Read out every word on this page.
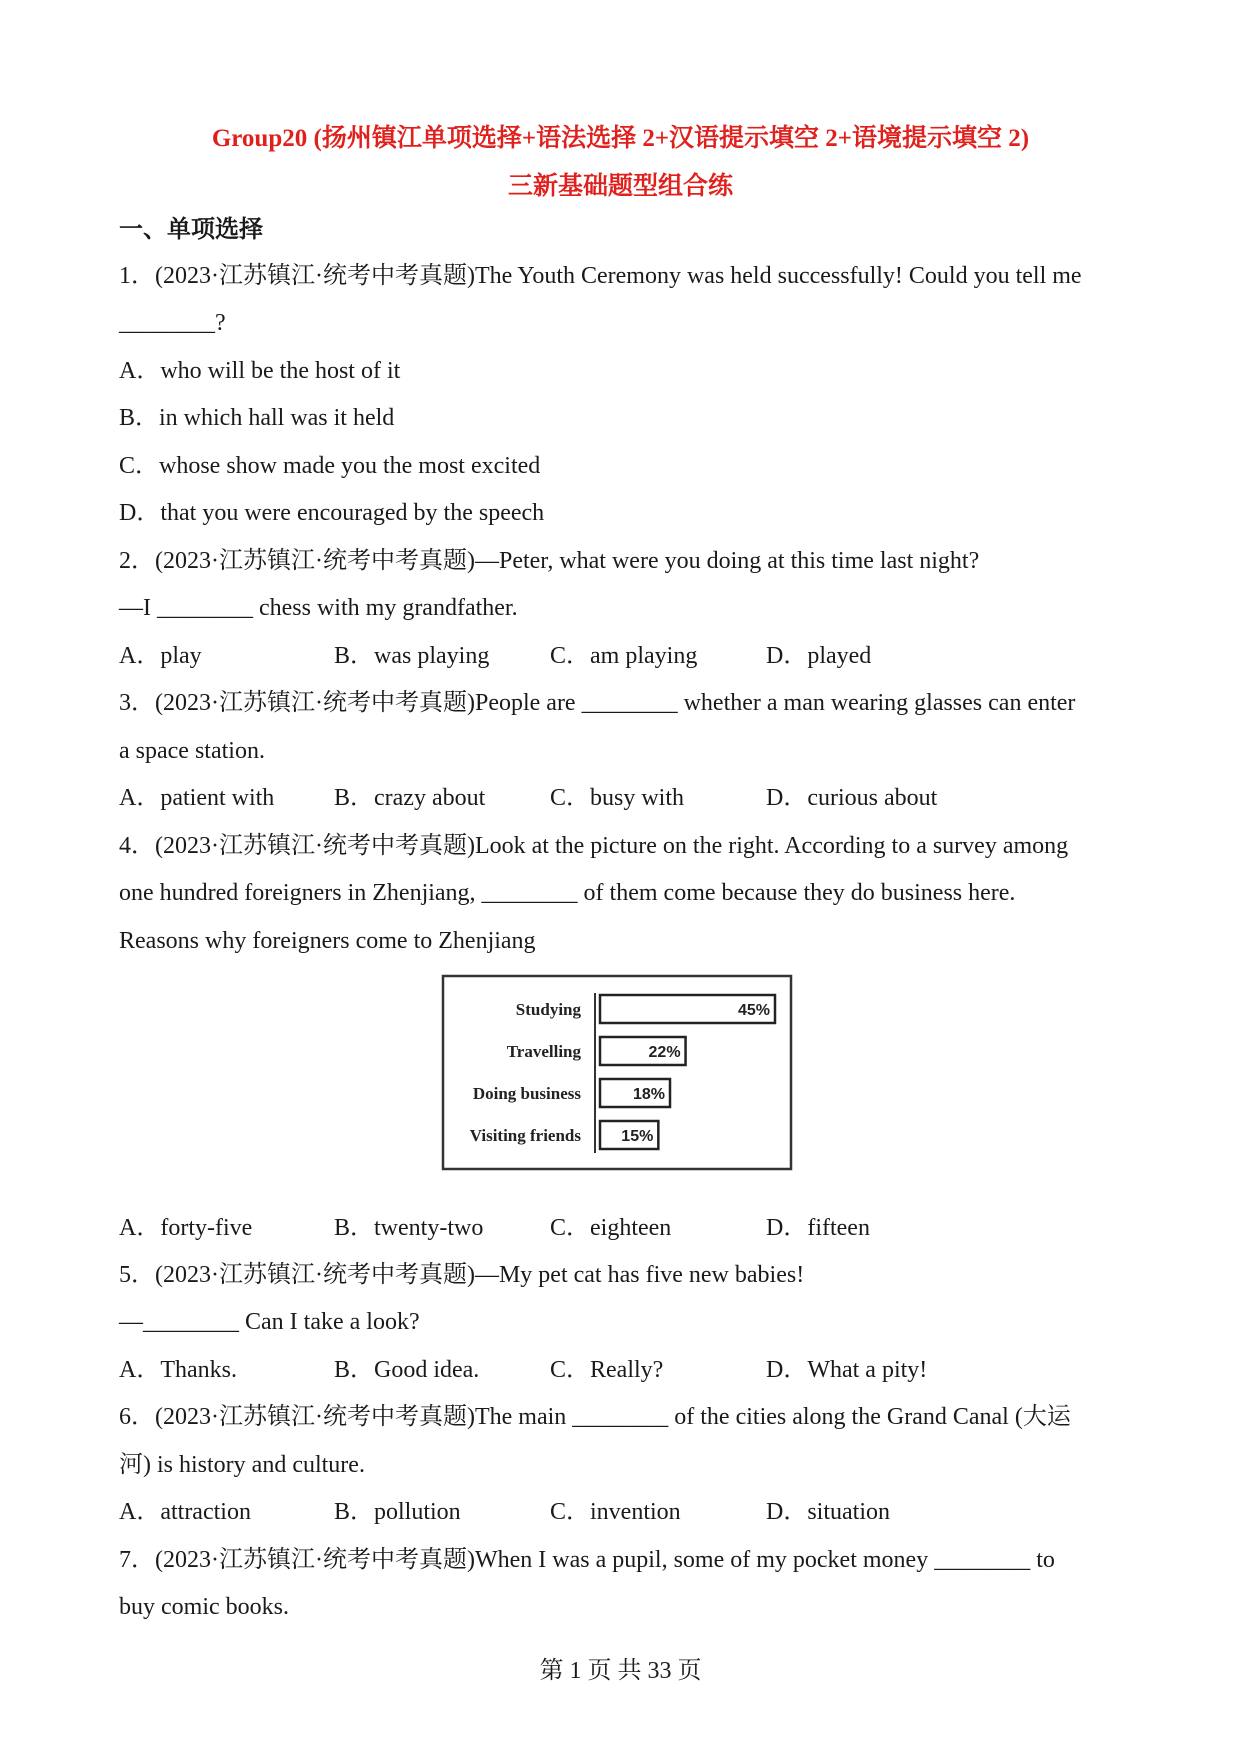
Group20 (扬州镇江单项选择+语法选择 2+汉语提示填空 2+语境提示填空 2)
三新基础题型组合练
一、单项选择
1．(2023·江苏镇江·统考中考真题)The Youth Ceremony was held successfully! Could you tell me
________?
A．who will be the host of it
B．in which hall was it held
C．whose show made you the most excited
D．that you were encouraged by the speech
2．(2023·江苏镇江·统考中考真题)—Peter, what were you doing at this time last night?
—I ________ chess with my grandfather.
A．play	B．was playing	C．am playing	D．played
3．(2023·江苏镇江·统考中考真题)People are ________ whether a man wearing glasses can enter
a space station.
A．patient with B．crazy about	C．busy with	D．curious about
4．(2023·江苏镇江·统考中考真题)Look at the picture on the right. According to a survey among
one hundred foreigners in Zhenjiang, ________ of them come because they do business here.
Reasons why foreigners come to Zhenjiang
Studying	45%
Travelling	22%
Doing business	18%
Visiting friends	15%
A．forty-five	B．twenty-two	C．eighteen	D．fifteen
5．(2023·江苏镇江·统考中考真题)—My pet cat has five new babies!
—________ Can I take a look?
A．Thanks.	B．Good idea.	C．Really?	D．What a pity!
6．(2023·江苏镇江·统考中考真题)The main ________ of the cities along the Grand Canal (大运
河) is history and culture.
A．attraction	B．pollution	C．invention	D．situation
7．(2023·江苏镇江·统考中考真题)When I was a pupil, some of my pocket money ________ to
buy comic books.
第 1 页 共 33 页
